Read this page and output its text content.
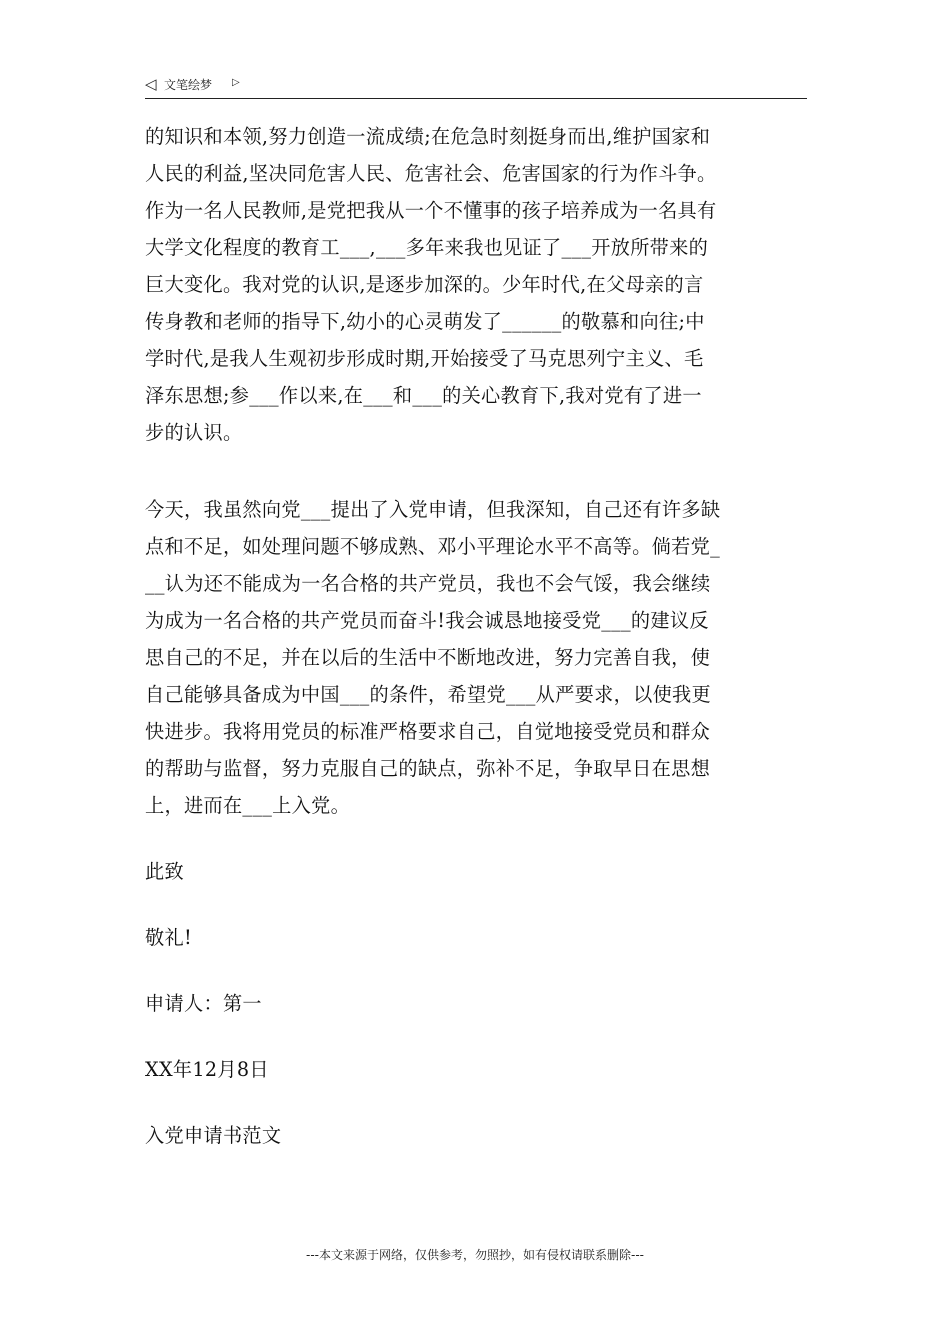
◁ 文笔绘梦 ▷
的知识和本领,努力创造一流成绩;在危急时刻挺身而出,维护国家和
人民的利益,坚决同危害人民、危害社会、危害国家的行为作斗争。
作为一名人民教师,是党把我从一个不懂事的孩子培养成为一名具有
大学文化程度的教育工___,___多年来我也见证了___开放所带来的
巨大变化。我对党的认识,是逐步加深的。少年时代,在父母亲的言
传身教和老师的指导下,幼小的心灵萌发了______的敬慕和向往;中
学时代,是我人生观初步形成时期,开始接受了马克思列宁主义、毛
泽东思想;参___作以来,在___和___的关心教育下,我对党有了进一
步的认识。
今天，我虽然向党___提出了入党申请，但我深知，自己还有许多缺
点和不足，如处理问题不够成熟、邓小平理论水平不高等。倘若党_
__认为还不能成为一名合格的共产党员，我也不会气馁，我会继续
为成为一名合格的共产党员而奋斗!我会诚恳地接受党___的建议反
思自己的不足，并在以后的生活中不断地改进，努力完善自我，使
自己能够具备成为中国___的条件，希望党___从严要求，以使我更
快进步。我将用党员的标准严格要求自己，自觉地接受党员和群众
的帮助与监督，努力克服自己的缺点，弥补不足，争取早日在思想
上，进而在___上入党。
此致
敬礼!
申请人：第一
XX年12月8日
入党申请书范文
---本文来源于网络，仅供参考，勿照抄，如有侵权请联系删除---
